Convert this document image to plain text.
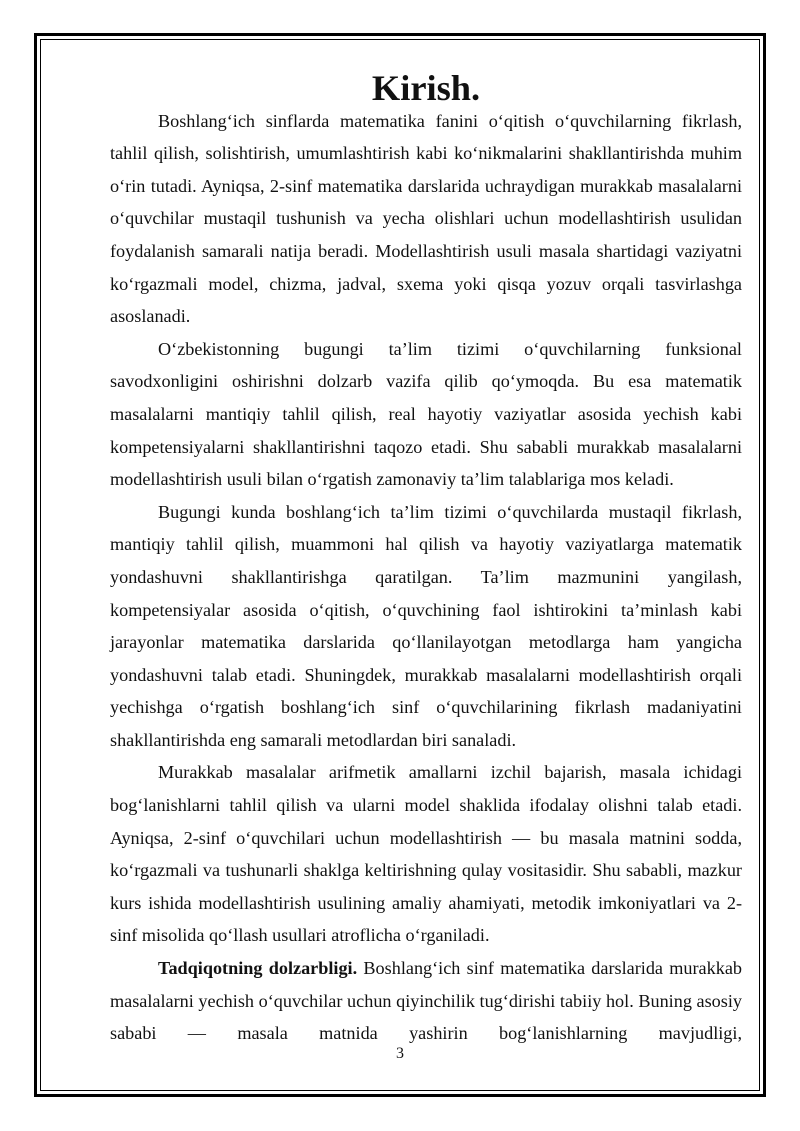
Kirish.

Boshlang‘ich sinflarda matematika fanini o‘qitish o‘quvchilarning fikrlash, tahlil qilish, solishtirish, umumlashtirish kabi ko‘nikmalarini shakllantirishda muhim o‘rin tutadi. Ayniqsa, 2-sinf matematika darslarida uchraydigan murakkab masalalarni o‘quvchilar mustaqil tushunish va yecha olishlari uchun modellashtirish usulidan foydalanish samarali natija beradi. Modellashtirish usuli masala shartidagi vaziyatni ko‘rgazmali model, chizma, jadval, sxema yoki qisqa yozuv orqali tasvirlashga asoslanadi.

O‘zbekistonning bugungi ta’lim tizimi o‘quvchilarning funksional savodxonligini oshirishni dolzarb vazifa qilib qo‘ymoqda. Bu esa matematik masalalarni mantiqiy tahlil qilish, real hayotiy vaziyatlar asosida yechish kabi kompetensiyalarni shakllantirishni taqozo etadi. Shu sababli murakkab masalalarni modellashtirish usuli bilan o‘rgatish zamonaviy ta’lim talablariga mos keladi.

Bugungi kunda boshlang‘ich ta’lim tizimi o‘quvchilarda mustaqil fikrlash, mantiqiy tahlil qilish, muammoni hal qilish va hayotiy vaziyatlarga matematik yondashuvni shakllantirishga qaratilgan. Ta’lim mazmunini yangilash, kompetensiyalar asosida o‘qitish, o‘quvchining faol ishtirokini ta’minlash kabi jarayonlar matematika darslarida qo‘llanilayotgan metodlarga ham yangicha yondashuvni talab etadi. Shuningdek, murakkab masalalarni modellashtirish orqali yechishga o‘rgatish boshlang‘ich sinf o‘quvchilarining fikrlash madaniyatini shakllantirishda eng samarali metodlardan biri sanaladi.

Murakkab masalalar arifmetik amallarni izchil bajarish, masala ichidagi bog‘lanishlarni tahlil qilish va ularni model shaklida ifodalay olishni talab etadi. Ayniqsa, 2-sinf o‘quvchilari uchun modellashtirish — bu masala matnini sodda, ko‘rgazmali va tushunarli shaklga keltirishning qulay vositasidir. Shu sababli, mazkur kurs ishida modellashtirish usulining amaliy ahamiyati, metodik imkoniyatlari va 2-sinf misolida qo‘llash usullari atroflicha o‘rganiladi.

Tadqiqotning dolzarbligi. Boshlang‘ich sinf matematika darslarida murakkab masalalarni yechish o‘quvchilar uchun qiyinchilik tug‘dirishi tabiiy hol. Buning asosiy sababi — masala matnida yashirin bog‘lanishlarning mavjudligi,

3
